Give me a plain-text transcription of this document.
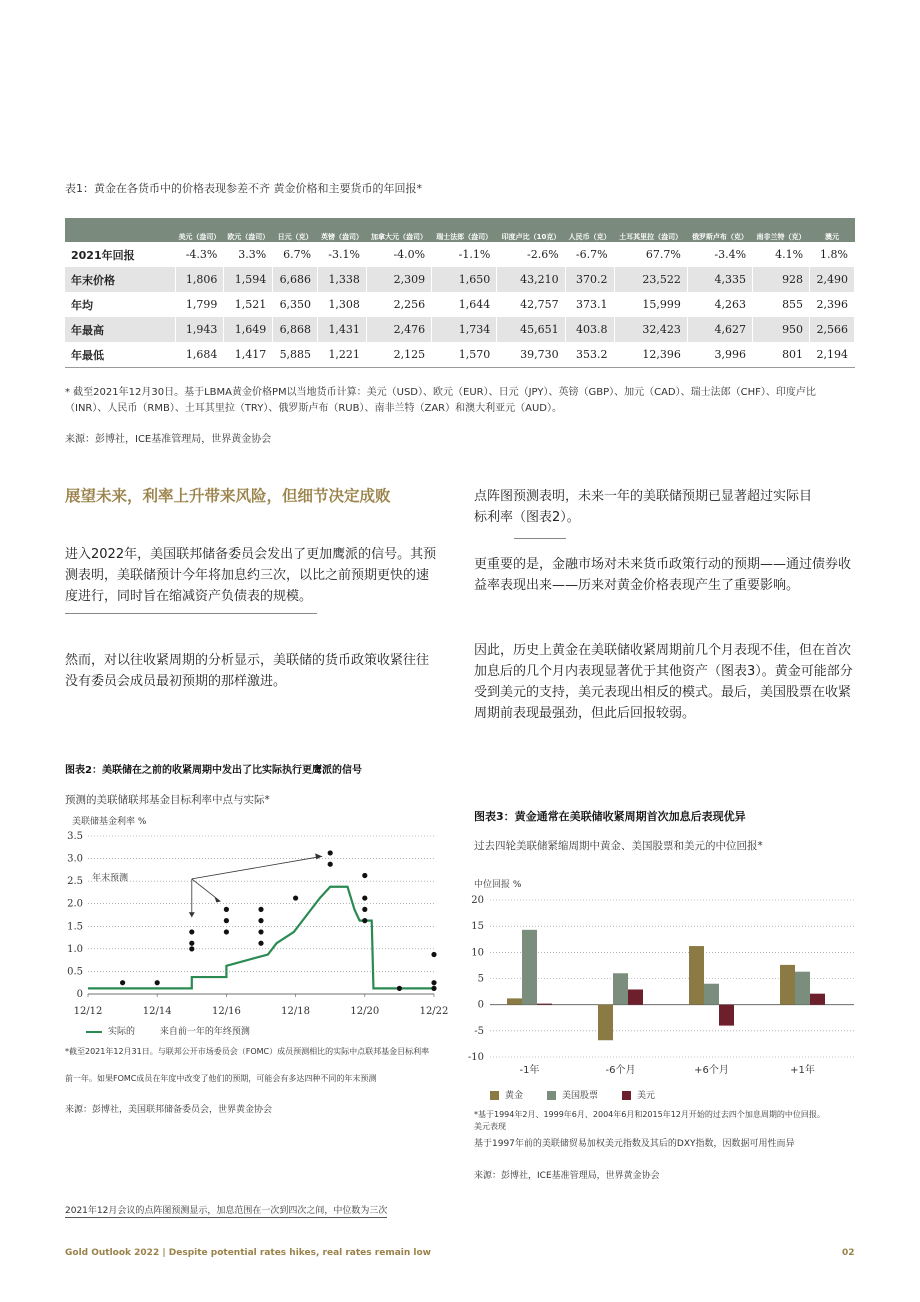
表1：黄金在各货币中的价格表现参差不齐 黄金价格和主要货币的年回报*
	美元（盎司）	欧元（盎司）	日元（克）	英镑（盎司）	加拿大元（盎司）	瑞士法郎（盎司）	印度卢比（10克）	人民币（克）	土耳其里拉（盎司）	俄罗斯卢布（克）	南非兰特（克）	澳元
2021年回报	-4.3%	3.3%	6.7%	-3.1%	-4.0%	-1.1%	-2.6%	-6.7%	67.7%	-3.4%	4.1%	1.8%
年末价格	1,806	1,594	6,686	1,338	2,309	1,650	43,210	370.2	23,522	4,335	928	2,490
年均	1,799	1,521	6,350	1,308	2,256	1,644	42,757	373.1	15,999	4,263	855	2,396
年最高	1,943	1,649	6,868	1,431	2,476	1,734	45,651	403.8	32,423	4,627	950	2,566
年最低	1,684	1,417	5,885	1,221	2,125	1,570	39,730	353.2	12,396	3,996	801	2,194
* 截至2021年12月30日。基于LBMA黄金价格PM以当地货币计算：美元（USD）、欧元（EUR）、日元（JPY）、英镑（GBP）、加元（CAD）、瑞士法郎（CHF）、印度卢比（INR）、人民币（RMB）、土耳其里拉（TRY）、俄罗斯卢布（RUB）、南非兰特（ZAR）和澳大利亚元（AUD）。
来源：彭博社，ICE基准管理局，世界黄金协会
展望未来，利率上升带来风险，但细节决定成败
进入2022年，美国联邦储备委员会发出了更加鹰派的信号。其预测表明，美联储预计今年将加息约三次，以比之前预期更快的速度进行，同时旨在缩减资产负债表的规模。
然而，对以往收紧周期的分析显示，美联储的货币政策收紧往往没有委员会成员最初预期的那样激进。
点阵图预测表明，未来一年的美联储预期已显著超过实际目标利率（图表2）。
更重要的是，金融市场对未来货币政策行动的预期——通过债券收益率表现出来——历来对黄金价格表现产生了重要影响。
因此，历史上黄金在美联储收紧周期前几个月表现不佳，但在首次加息后的几个月内表现显著优于其他资产（图表3）。黄金可能部分受到美元的支持，美元表现出相反的模式。最后，美国股票在收紧周期前表现最强劲，但此后回报较弱。
图表2：美联储在之前的收紧周期中发出了比实际执行更鹰派的信号
预测的美联储联邦基金目标利率中点与实际*
美联储基金利率 %
0
0.5
1.0
1.5
2.0
2.5
3.0
3.5
12/12	12/14	12/16	12/18	12/20	12/22
年末预测
实际的	来自前一年的年终预测
*截至2021年12月31日。与联邦公开市场委员会（FOMC）成员预测相比的实际中点联邦基金目标利率
前一年。如果FOMC成员在年度中改变了他们的预期，可能会有多达四种不同的年末预测
来源：彭博社，美国联邦储备委员会，世界黄金协会
2021年12月会议的点阵图预测显示，加息范围在一次到四次之间，中位数为三次
图表3：黄金通常在美联储收紧周期首次加息后表现优异
过去四轮美联储紧缩周期中黄金、美国股票和美元的中位回报*
中位回报 %
-10
-5
0
5
10
15
20
-1年	-6个月	+6个月	+1年
黄金	美国股票	美元
*基于1994年2月、1999年6月、2004年6月和2015年12月开始的过去四个加息周期的中位回报。
美元表现
基于1997年前的美联储贸易加权美元指数及其后的DXY指数，因数据可用性而异
来源：彭博社，ICE基准管理局，世界黄金协会
Gold Outlook 2022 | Despite potential rates hikes, real rates remain low	02
